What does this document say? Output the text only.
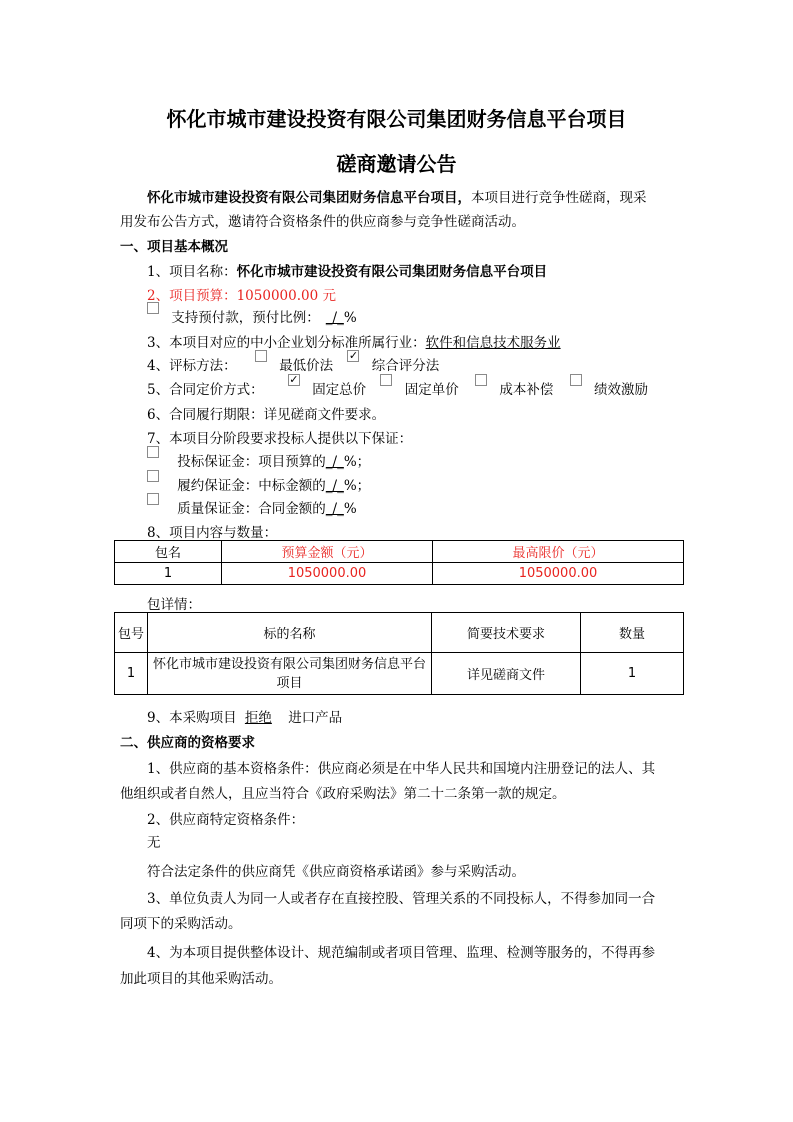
怀化市城市建设投资有限公司集团财务信息平台项目
磋商邀请公告
怀化市城市建设投资有限公司集团财务信息平台项目，本项目进行竞争性磋商，现采
用发布公告方式，邀请符合资格条件的供应商参与竞争性磋商活动。
一、项目基本概况
1、项目名称：怀化市城市建设投资有限公司集团财务信息平台项目
2、项目预算：1050000.00 元
支持预付款，预付比例： _/_%
3、本项目对应的中小企业划分标准所属行业：软件和信息技术服务业
4、评标方法：	最低价法 ✓ 综合评分法
5、合同定价方式： ✓ 固定总价	固定单价	成本补偿	绩效激励
6、合同履行期限：详见磋商文件要求。
7、本项目分阶段要求投标人提供以下保证：
投标保证金：项目预算的_/_%；
履约保证金：中标金额的_/_%；
质量保证金：合同金额的_/_%
8、项目内容与数量：
包名	预算金额（元）	最高限价（元）
1	1050000.00	1050000.00
包详情：
包号	标的名称	简要技术要求	数量
1	怀化市城市建设投资有限公司集团财务信息平台项目	详见磋商文件	1
9、本采购项目 拒绝 进口产品
二、供应商的资格要求
1、供应商的基本资格条件：供应商必须是在中华人民共和国境内注册登记的法人、其
他组织或者自然人，且应当符合《政府采购法》第二十二条第一款的规定。
2、供应商特定资格条件：
无
符合法定条件的供应商凭《供应商资格承诺函》参与采购活动。
3、单位负责人为同一人或者存在直接控股、管理关系的不同投标人，不得参加同一合
同项下的采购活动。
4、为本项目提供整体设计、规范编制或者项目管理、监理、检测等服务的，不得再参
加此项目的其他采购活动。
